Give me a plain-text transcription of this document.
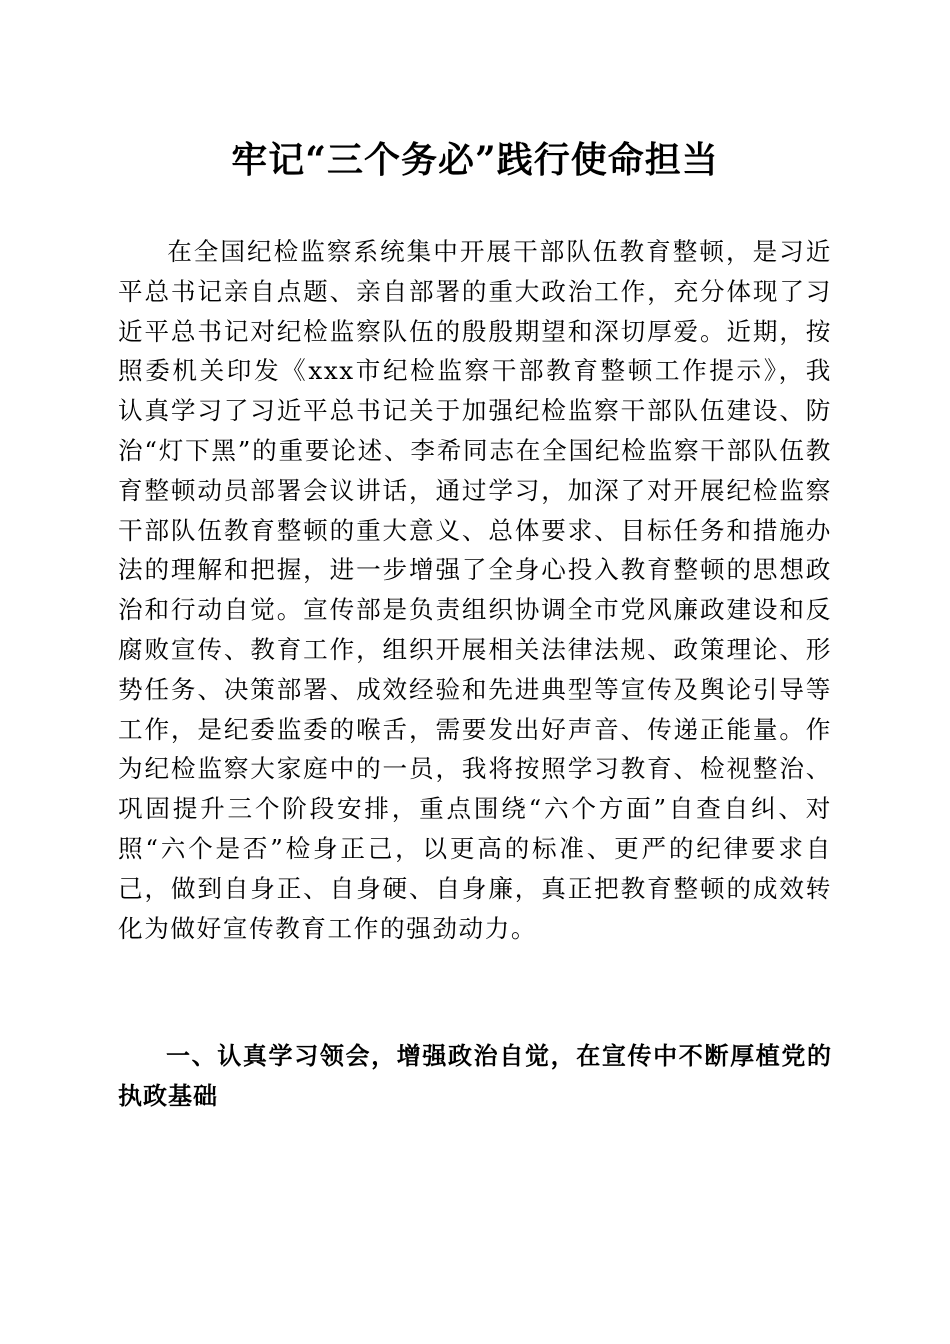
牢记“三个务必”践行使命担当

在全国纪检监察系统集中开展干部队伍教育整顿，是习近平总书记亲自点题、亲自部署的重大政治工作，充分体现了习近平总书记对纪检监察队伍的殷殷期望和深切厚爱。近期，按照委机关印发《xxx市纪检监察干部教育整顿工作提示》，我认真学习了习近平总书记关于加强纪检监察干部队伍建设、防治“灯下黑”的重要论述、李希同志在全国纪检监察干部队伍教育整顿动员部署会议讲话，通过学习，加深了对开展纪检监察干部队伍教育整顿的重大意义、总体要求、目标任务和措施办法的理解和把握，进一步增强了全身心投入教育整顿的思想政治和行动自觉。宣传部是负责组织协调全市党风廉政建设和反腐败宣传、教育工作，组织开展相关法律法规、政策理论、形势任务、决策部署、成效经验和先进典型等宣传及舆论引导等工作，是纪委监委的喉舌，需要发出好声音、传递正能量。作为纪检监察大家庭中的一员，我将按照学习教育、检视整治、巩固提升三个阶段安排，重点围绕“六个方面”自查自纠、对照“六个是否”检身正己，以更高的标准、更严的纪律要求自己，做到自身正、自身硬、自身廉，真正把教育整顿的成效转化为做好宣传教育工作的强劲动力。

一、认真学习领会，增强政治自觉，在宣传中不断厚植党的执政基础
